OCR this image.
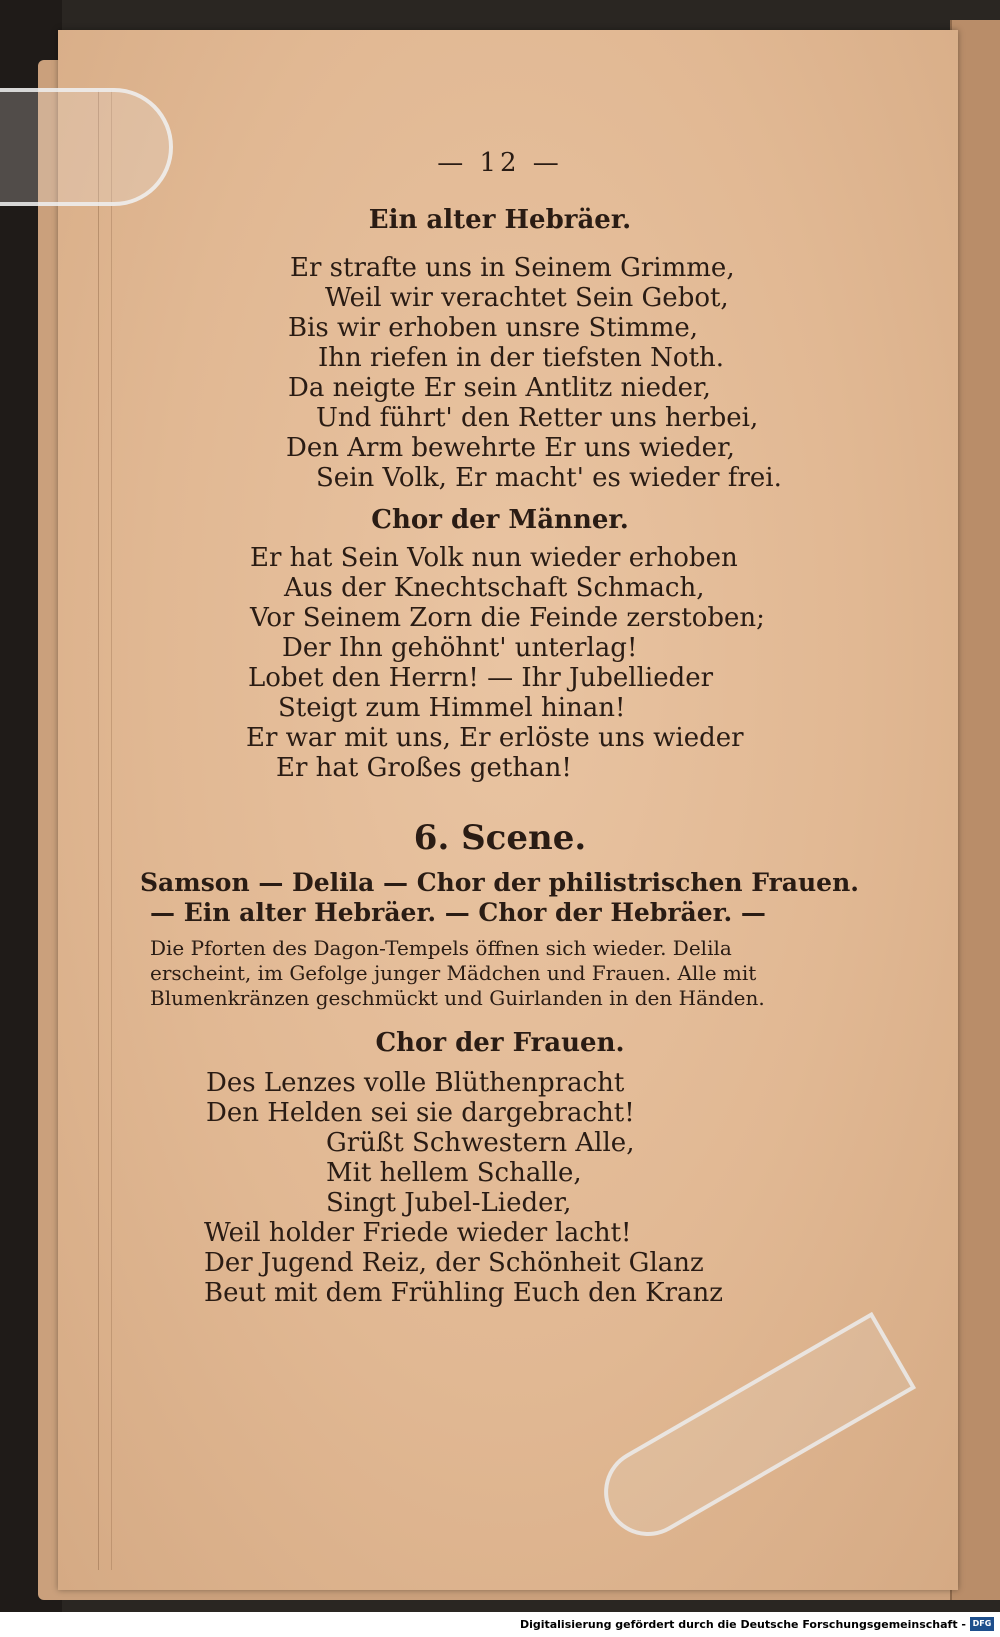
— 12 —
Ein alter Hebräer.
Er strafte uns in Seinem Grimme,
Weil wir verachtet Sein Gebot,
Bis wir erhoben unsre Stimme,
Ihn riefen in der tiefsten Noth.
Da neigte Er sein Antlitz nieder,
Und führt' den Retter uns herbei,
Den Arm bewehrte Er uns wieder,
Sein Volk, Er macht' es wieder frei.
Chor der Männer.
Er hat Sein Volk nun wieder erhoben
Aus der Knechtschaft Schmach,
Vor Seinem Zorn die Feinde zerstoben;
Der Ihn gehöhnt' unterlag!
Lobet den Herrn! — Ihr Jubellieder
Steigt zum Himmel hinan!
Er war mit uns, Er erlöste uns wieder
Er hat Großes gethan!
6. Scene.
Samson — Delila — Chor der philistrischen Frauen.
— Ein alter Hebräer. — Chor der Hebräer. —
Die Pforten des Dagon-Tempels öffnen sich wieder. Delila
erscheint, im Gefolge junger Mädchen und Frauen. Alle mit
Blumenkränzen geschmückt und Guirlanden in den Händen.
Chor der Frauen.
Des Lenzes volle Blüthenpracht
Den Helden sei sie dargebracht!
Grüßt Schwestern Alle,
Mit hellem Schalle,
Singt Jubel-Lieder,
Weil holder Friede wieder lacht!
Der Jugend Reiz, der Schönheit Glanz
Beut mit dem Frühling Euch den Kranz
Digitalisierung gefördert durch die Deutsche Forschungsgemeinschaft - DFG
